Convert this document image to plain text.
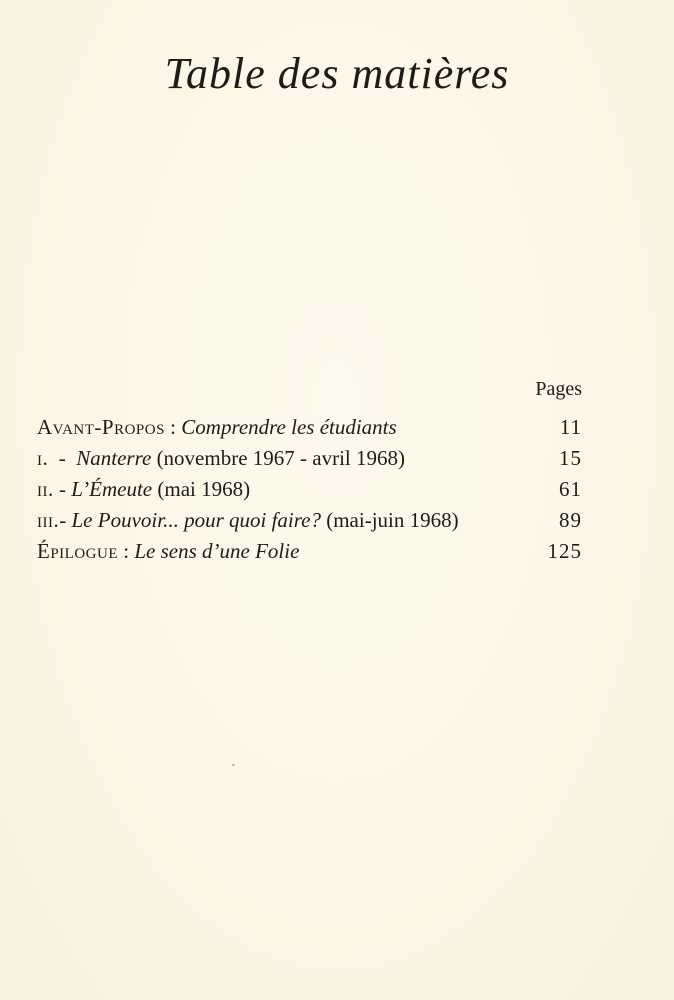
Table des matières
Pages
Avant-Propos : Comprendre les étudiants	11
i.  -  Nanterre (novembre 1967 - avril 1968)	15
ii. - L’Émeute (mai 1968)	61
iii.- Le Pouvoir... pour quoi faire? (mai-juin 1968)	89
Épilogue : Le sens d’une Folie	125
